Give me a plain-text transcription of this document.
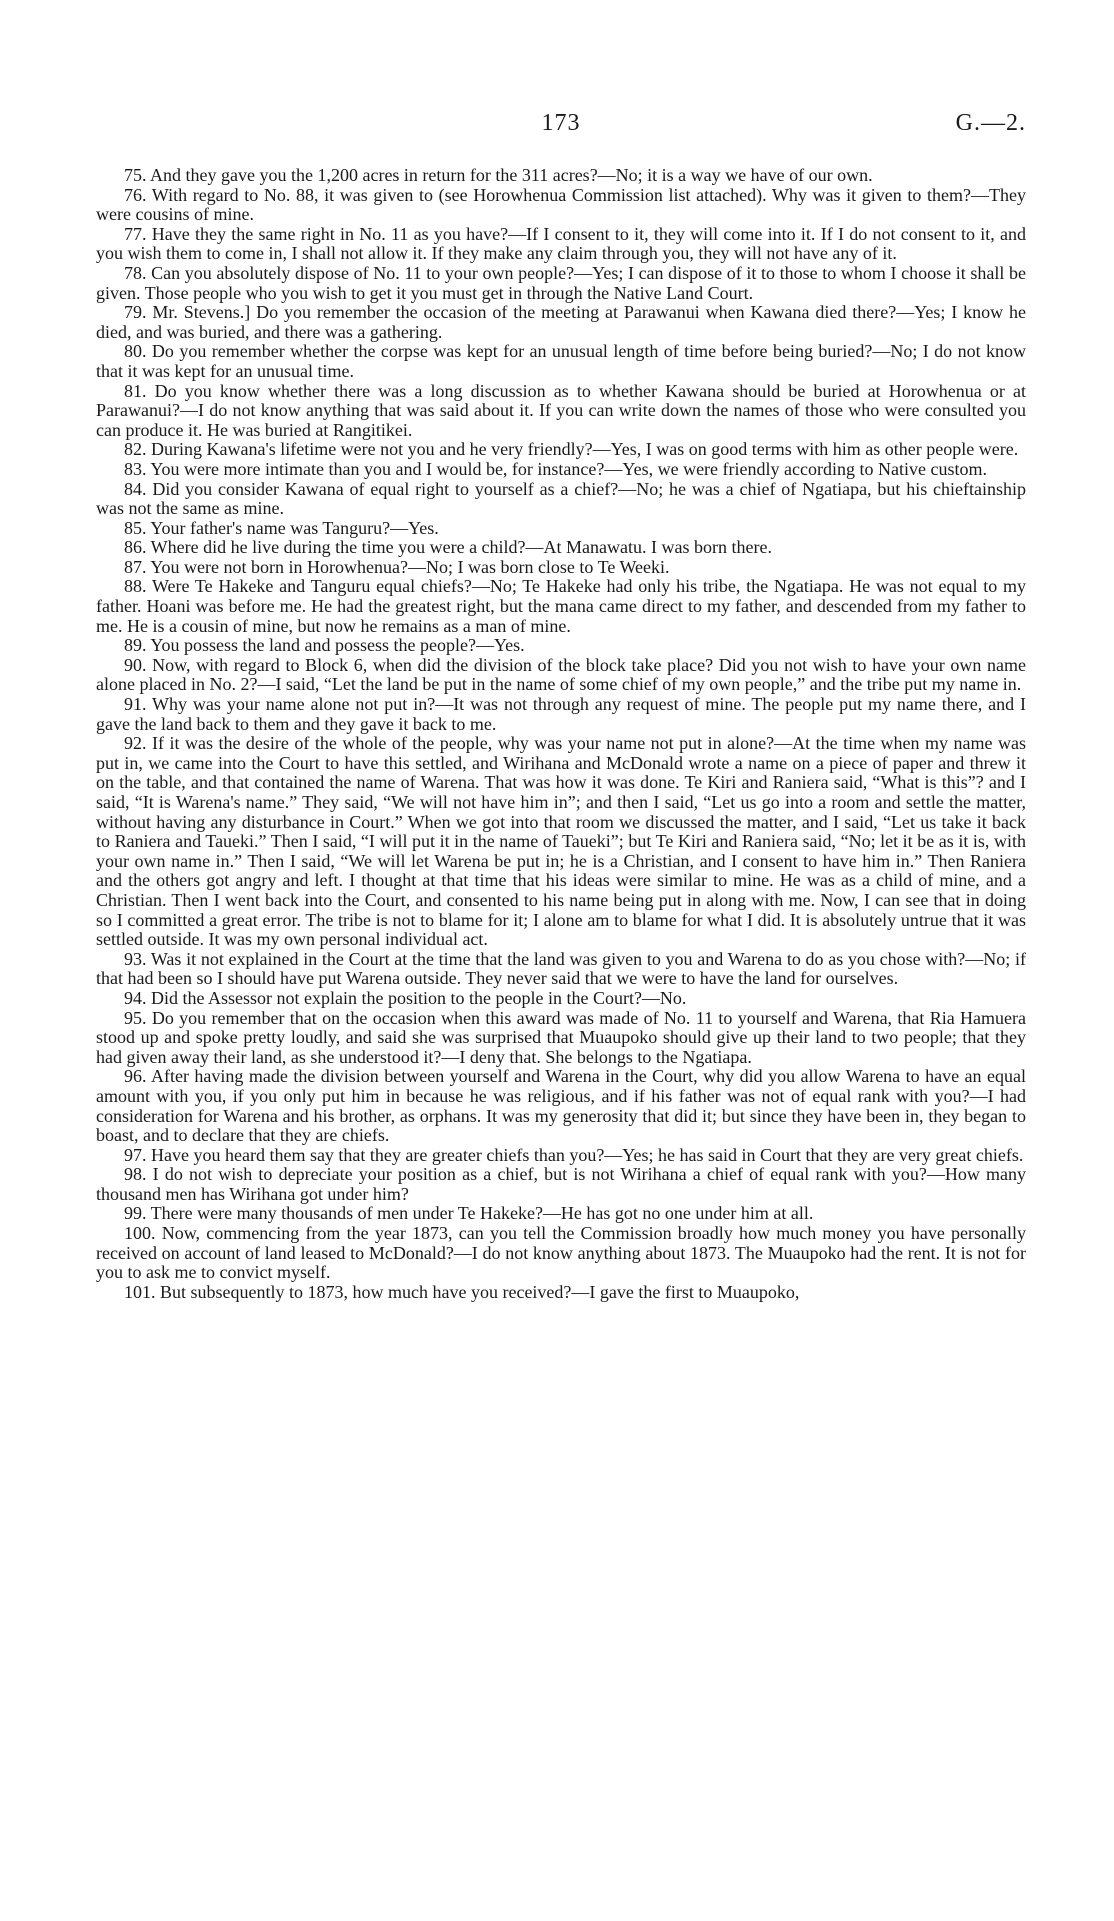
173	G.—2.

75. And they gave you the 1,200 acres in return for the 311 acres?—No; it is a way we have of our own.

76. With regard to No. 88, it was given to (see Horowhenua Commission list attached). Why was it given to them?—They were cousins of mine.

77. Have they the same right in No. 11 as you have?—If I consent to it, they will come into it. If I do not consent to it, and you wish them to come in, I shall not allow it. If they make any claim through you, they will not have any of it.

78. Can you absolutely dispose of No. 11 to your own people?—Yes; I can dispose of it to those to whom I choose it shall be given. Those people who you wish to get it you must get in through the Native Land Court.

79. Mr. Stevens.] Do you remember the occasion of the meeting at Parawanui when Kawana died there?—Yes; I know he died, and was buried, and there was a gathering.

80. Do you remember whether the corpse was kept for an unusual length of time before being buried?—No; I do not know that it was kept for an unusual time.

81. Do you know whether there was a long discussion as to whether Kawana should be buried at Horowhenua or at Parawanui?—I do not know anything that was said about it. If you can write down the names of those who were consulted you can produce it. He was buried at Rangitikei.

82. During Kawana's lifetime were not you and he very friendly?—Yes, I was on good terms with him as other people were.

83. You were more intimate than you and I would be, for instance?—Yes, we were friendly according to Native custom.

84. Did you consider Kawana of equal right to yourself as a chief?—No; he was a chief of Ngatiapa, but his chieftainship was not the same as mine.

85. Your father's name was Tanguru?—Yes.

86. Where did he live during the time you were a child?—At Manawatu. I was born there.

87. You were not born in Horowhenua?—No; I was born close to Te Weeki.

88. Were Te Hakeke and Tanguru equal chiefs?—No; Te Hakeke had only his tribe, the Ngatiapa. He was not equal to my father. Hoani was before me. He had the greatest right, but the mana came direct to my father, and descended from my father to me. He is a cousin of mine, but now he remains as a man of mine.

89. You possess the land and possess the people?—Yes.

90. Now, with regard to Block 6, when did the division of the block take place? Did you not wish to have your own name alone placed in No. 2?—I said, “Let the land be put in the name of some chief of my own people,” and the tribe put my name in.

91. Why was your name alone not put in?—It was not through any request of mine. The people put my name there, and I gave the land back to them and they gave it back to me.

92. If it was the desire of the whole of the people, why was your name not put in alone?—At the time when my name was put in, we came into the Court to have this settled, and Wirihana and McDonald wrote a name on a piece of paper and threw it on the table, and that contained the name of Warena. That was how it was done. Te Kiri and Raniera said, “What is this”? and I said, “It is Warena's name.” They said, “We will not have him in”; and then I said, “Let us go into a room and settle the matter, without having any disturbance in Court.” When we got into that room we discussed the matter, and I said, “Let us take it back to Raniera and Taueki.” Then I said, “I will put it in the name of Taueki”; but Te Kiri and Raniera said, “No; let it be as it is, with your own name in.” Then I said, “We will let Warena be put in; he is a Christian, and I consent to have him in.” Then Raniera and the others got angry and left. I thought at that time that his ideas were similar to mine. He was as a child of mine, and a Christian. Then I went back into the Court, and consented to his name being put in along with me. Now, I can see that in doing so I committed a great error. The tribe is not to blame for it; I alone am to blame for what I did. It is absolutely untrue that it was settled outside. It was my own personal individual act.

93. Was it not explained in the Court at the time that the land was given to you and Warena to do as you chose with?—No; if that had been so I should have put Warena outside. They never said that we were to have the land for ourselves.

94. Did the Assessor not explain the position to the people in the Court?—No.

95. Do you remember that on the occasion when this award was made of No. 11 to yourself and Warena, that Ria Hamuera stood up and spoke pretty loudly, and said she was surprised that Muaupoko should give up their land to two people; that they had given away their land, as she understood it?—I deny that. She belongs to the Ngatiapa.

96. After having made the division between yourself and Warena in the Court, why did you allow Warena to have an equal amount with you, if you only put him in because he was religious, and if his father was not of equal rank with you?—I had consideration for Warena and his brother, as orphans. It was my generosity that did it; but since they have been in, they began to boast, and to declare that they are chiefs.

97. Have you heard them say that they are greater chiefs than you?—Yes; he has said in Court that they are very great chiefs.

98. I do not wish to depreciate your position as a chief, but is not Wirihana a chief of equal rank with you?—How many thousand men has Wirihana got under him?

99. There were many thousands of men under Te Hakeke?—He has got no one under him at all.

100. Now, commencing from the year 1873, can you tell the Commission broadly how much money you have personally received on account of land leased to McDonald?—I do not know anything about 1873. The Muaupoko had the rent. It is not for you to ask me to convict myself.

101. But subsequently to 1873, how much have you received?—I gave the first to Muaupoko,
